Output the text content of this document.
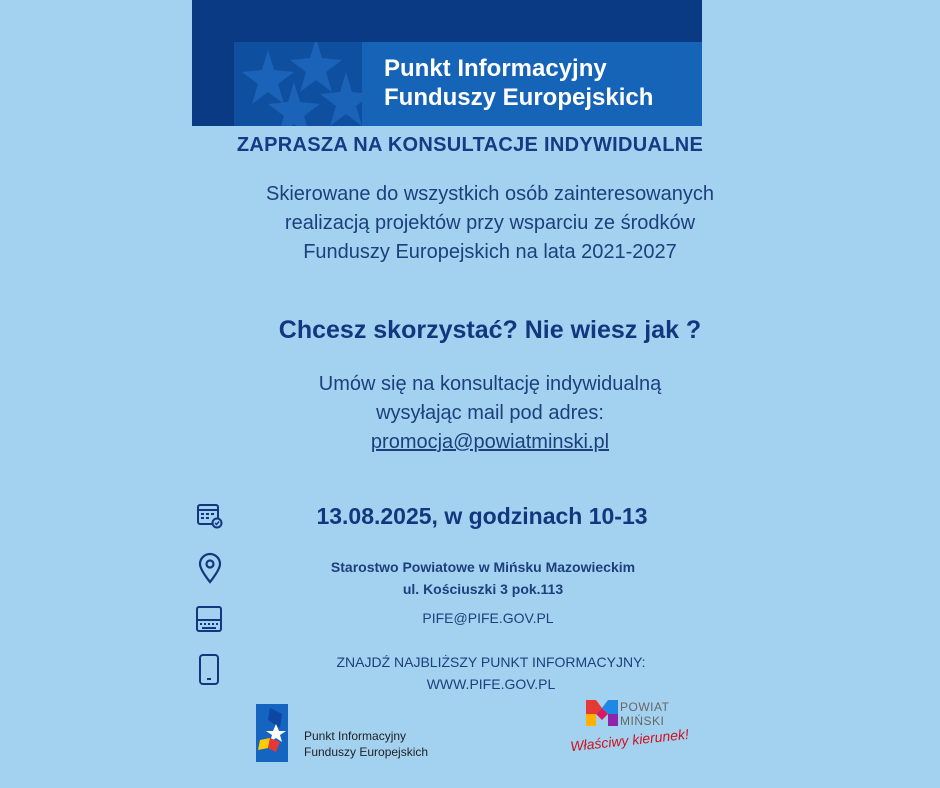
Punkt Informacyjny
Funduszy Europejskich
ZAPRASZA NA KONSULTACJE INDYWIDUALNE
Skierowane do wszystkich osób zainteresowanych
realizacją projektów przy wsparciu ze środków
Funduszy Europejskich na lata 2021-2027
Chcesz skorzystać? Nie wiesz jak ?
Umów się na konsultację indywidualną
wysyłając mail pod adres:
promocja@powiatminski.pl
13.08.2025, w godzinach 10-13
Starostwo Powiatowe w Mińsku Mazowieckim
ul. Kościuszki 3 pok.113
PIFE@PIFE.GOV.PL
ZNAJDŹ NAJBLIŻSZY PUNKT INFORMACYJNY:
WWW.PIFE.GOV.PL
Punkt Informacyjny
Funduszy Europejskich
POWIAT
MIŃSKI
Właściwy kierunek!
